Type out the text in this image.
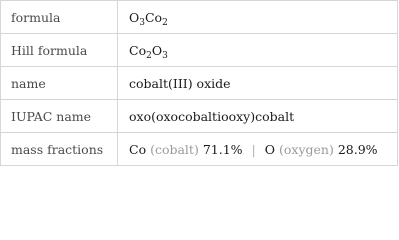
formula	$O_3Co_2$
Hill formula	$Co_2O_3$
name	cobalt(III) oxide
IUPAC name	oxo(oxocobaltiooxy)cobalt
mass fractions	Co (cobalt) 71.1% | O (oxygen) 28.9%
